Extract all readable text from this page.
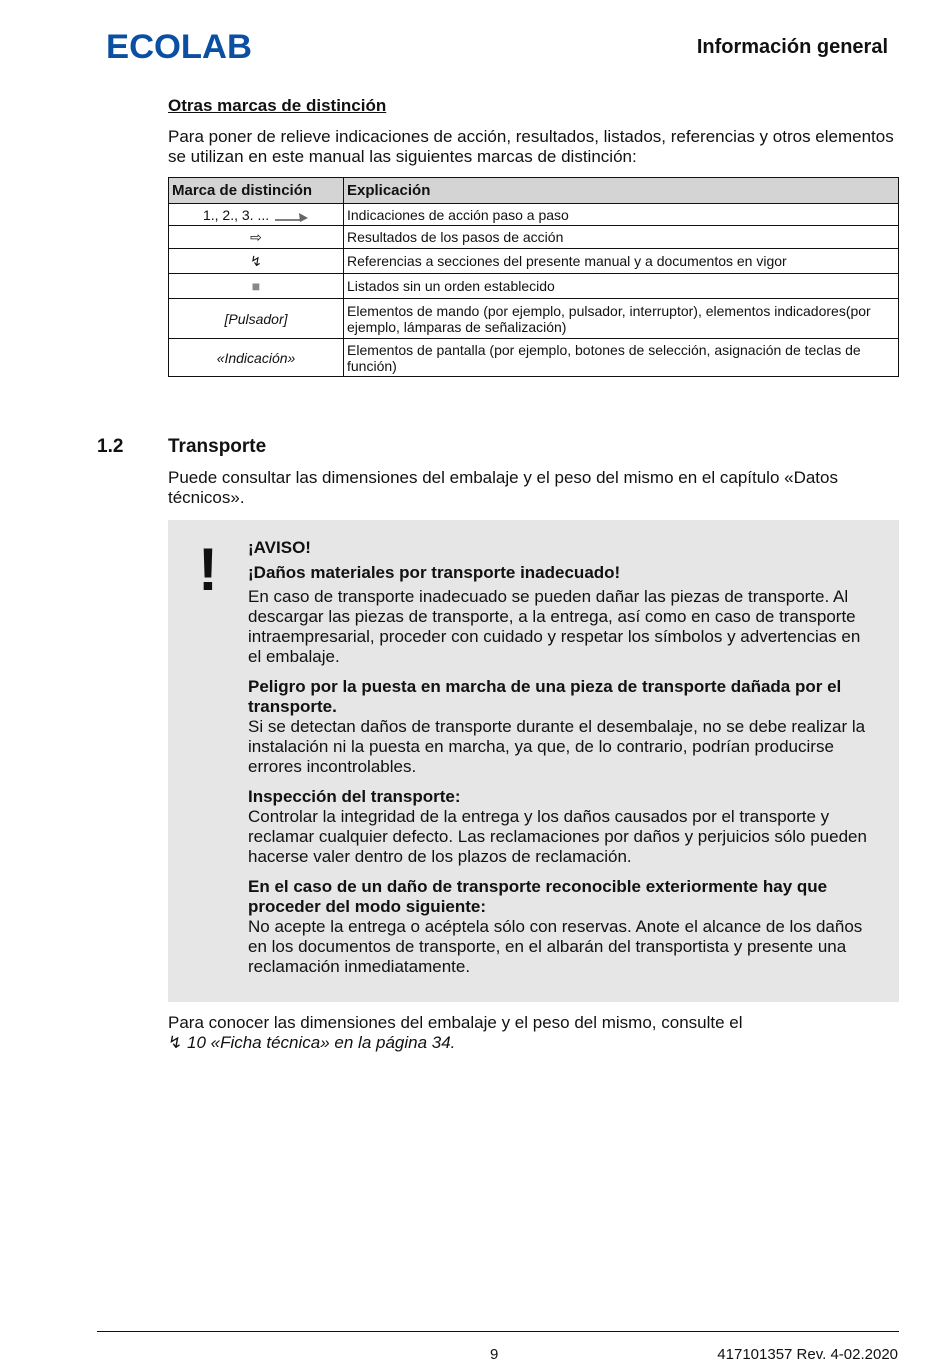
ECOLAB	Información general
Otras marcas de distinción
Para poner de relieve indicaciones de acción, resultados, listados, referencias y otros elementos se utilizan en este manual las siguientes marcas de distinción:
Marca de distinción	Explicación
1., 2., 3. ...	Indicaciones de acción paso a paso
⇨	Resultados de los pasos de acción
↯	Referencias a secciones del presente manual y a documentos en vigor
■	Listados sin un orden establecido
[Pulsador]	Elementos de mando (por ejemplo, pulsador, interruptor), elementos indicadores(por ejemplo, lámparas de señalización)
«Indicación»	Elementos de pantalla (por ejemplo, botones de selección, asignación de teclas de función)
1.2 Transporte
Puede consultar las dimensiones del embalaje y el peso del mismo en el capítulo «Datos técnicos».
! ¡AVISO!
¡Daños materiales por transporte inadecuado!

En caso de transporte inadecuado se pueden dañar las piezas de transporte. Al descargar las piezas de transporte, a la entrega, así como en caso de transporte intraempresarial, proceder con cuidado y respetar los símbolos y advertencias en el embalaje.

Peligro por la puesta en marcha de una pieza de transporte dañada por el transporte.

Si se detectan daños de transporte durante el desembalaje, no se debe realizar la instalación ni la puesta en marcha, ya que, de lo contrario, podrían producirse errores incontrolables.

Inspección del transporte:

Controlar la integridad de la entrega y los daños causados por el transporte y reclamar cualquier defecto. Las reclamaciones por daños y perjuicios sólo pueden hacerse valer dentro de los plazos de reclamación.

En el caso de un daño de transporte reconocible exteriormente hay que proceder del modo siguiente:

No acepte la entrega o acéptela sólo con reservas. Anote el alcance de los daños en los documentos de transporte, en el albarán del transportista y presente una reclamación inmediatamente.

Para conocer las dimensiones del embalaje y el peso del mismo, consulte el
↯ 10 «Ficha técnica» en la página 34.
9	417101357 Rev. 4-02.2020
